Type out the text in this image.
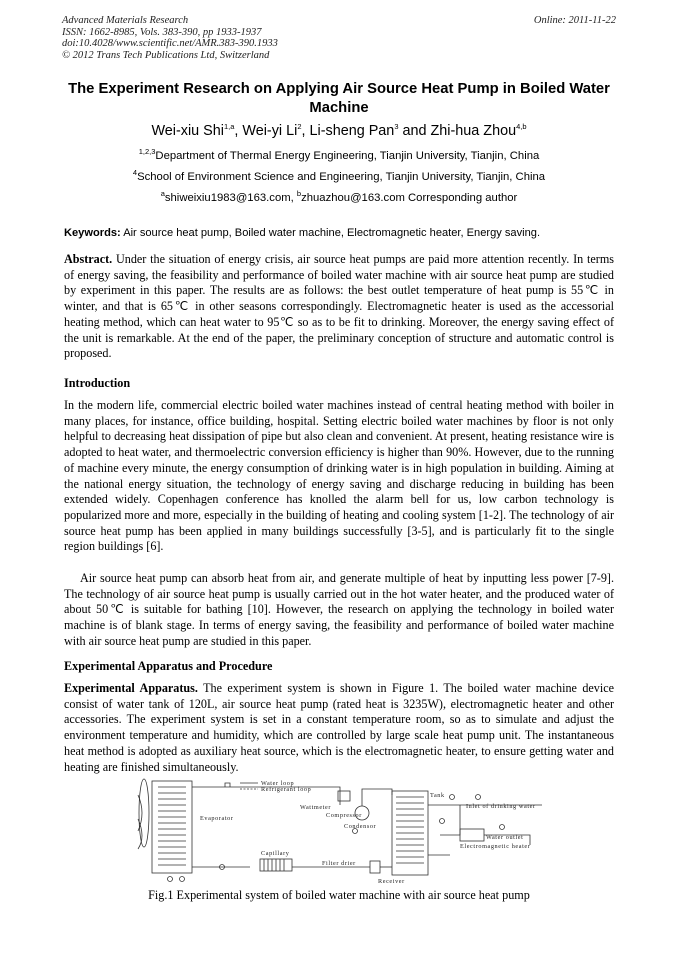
Advanced Materials Research
ISSN: 1662-8985, Vols. 383-390, pp 1933-1937
doi:10.4028/www.scientific.net/AMR.383-390.1933
© 2012 Trans Tech Publications Ltd, Switzerland
Online: 2011-11-22
The Experiment Research on Applying Air Source Heat Pump in Boiled Water Machine
Wei-xiu Shi$^{1,a}$, Wei-yi Li$^2$, Li-sheng Pan$^3$ and Zhi-hua Zhou$^{4,b}$
$^{1,2,3}$Department of Thermal Energy Engineering, Tianjin University, Tianjin, China
$^4$School of Environment Science and Engineering, Tianjin University, Tianjin, China
$^a$shiweixiu1983@163.com, $^b$zhuazhou@163.com Corresponding author
Keywords: Air source heat pump, Boiled water machine, Electromagnetic heater, Energy saving.
Abstract. Under the situation of energy crisis, air source heat pumps are paid more attention recently. In terms of energy saving, the feasibility and performance of boiled water machine with air source heat pump are studied by experiment in this paper. The results are as follows: the best outlet temperature of heat pump is 55℃ in winter, and that is 65℃ in other seasons correspondingly. Electromagnetic heater is used as the accessorial heating method, which can heat water to 95℃ so as to be fit to drinking. Moreover, the energy saving effect of the unit is remarkable. At the end of the paper, the preliminary conception of structure and automatic control is proposed.
Introduction
In the modern life, commercial electric boiled water machines instead of central heating method with boiler in many places, for instance, office building, hospital. Setting electric boiled water machines by floor is not only helpful to decreasing heat dissipation of pipe but also clean and convenient. At present, heating resistance wire is adopted to heat water, and thermoelectric conversion efficiency is higher than 90%. However, due to the running of machine every minute, the energy consumption of drinking water is in high population in building. Aiming at the national energy situation, the technology of energy saving and discharge reducing in building has been extended widely. Copenhagen conference has knolled the alarm bell for us, low carbon technology is popularized more and more, especially in the building of heating and cooling system [1-2]. The technology of air source heat pump has been applied in many buildings successfully [3-5], and is particularly fit to the single region buildings [6].
Air source heat pump can absorb heat from air, and generate multiple of heat by inputting less power [7-9]. The technology of air source heat pump is usually carried out in the hot water heater, and the produced water of about 50℃ is suitable for bathing [10]. However, the research on applying the technology in boiled water machine is of blank stage. In terms of energy saving, the feasibility and performance of boiled water machine with air source heat pump are studied in this paper.
Experimental Apparatus and Procedure
Experimental Apparatus. The experiment system is shown in Figure 1. The boiled water machine device consist of water tank of 120L, air source heat pump (rated heat is 3235W), electromagnetic heater and other accessories. The experiment system is set in a constant temperature room, so as to simulate and adjust the environment temperature and humidity, which are controlled by large scale heat pump unit. The instantaneous heat method is adopted as auxiliary heat source, which is the electromagnetic heater, to ensure getting water and heating are finished simultaneously.
Water loop
Refrigerant loop
Evaporator
Wattmeter
Compressor
Condensor
Tank
Inlet of drinking water
Water outlet
Electromagnetic heater
Capillary
Filter drier
Receiver
Fig.1 Experimental system of boiled water machine with air source heat pump
